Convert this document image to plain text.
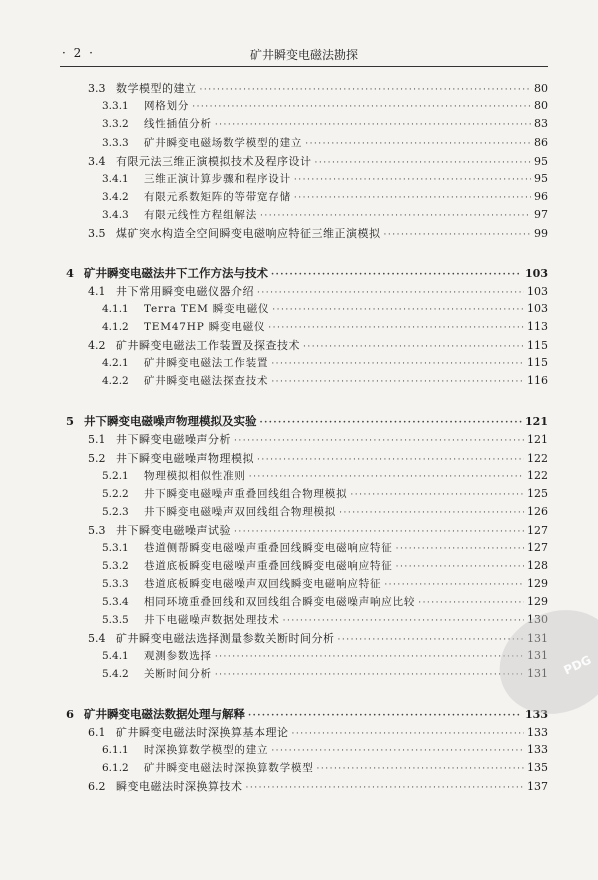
· 2 ·	矿井瞬变电磁法勘探
3.3 数学模型的建立 ·····	80
3.3.1	网格划分 ·····	80
3.3.2	线性插值分析 ·····	83
3.3.3	矿井瞬变电磁场数学模型的建立 ·····	86
3.4 有限元法三维正演模拟技术及程序设计 ·····	95
3.4.1	三维正演计算步骤和程序设计 ·····	95
3.4.2	有限元系数矩阵的等带宽存储 ·····	96
3.4.3	有限元线性方程组解法 ·····	97
3.5 煤矿突水构造全空间瞬变电磁响应特征三维正演模拟 ·····	99
4 矿井瞬变电磁法井下工作方法与技术 ·····	103
4.1 井下常用瞬变电磁仪器介绍 ·····	103
4.1.1	Terra TEM 瞬变电磁仪 ·····	103
4.1.2	TEM47HP 瞬变电磁仪 ·····	113
4.2 矿井瞬变电磁法工作装置及探查技术 ·····	115
4.2.1	矿井瞬变电磁法工作装置 ·····	115
4.2.2	矿井瞬变电磁法探查技术 ·····	116
5 井下瞬变电磁噪声物理模拟及实验 ·····	121
5.1 井下瞬变电磁噪声分析 ·····	121
5.2 井下瞬变电磁噪声物理模拟 ·····	122
5.2.1	物理模拟相似性准则 ·····	122
5.2.2	井下瞬变电磁噪声重叠回线组合物理模拟 ·····	125
5.2.3	井下瞬变电磁噪声双回线组合物理模拟 ·····	126
5.3 井下瞬变电磁噪声试验 ·····	127
5.3.1	巷道侧帮瞬变电磁噪声重叠回线瞬变电磁响应特征 ·····	127
5.3.2	巷道底板瞬变电磁噪声重叠回线瞬变电磁响应特征 ·····	128
5.3.3	巷道底板瞬变电磁噪声双回线瞬变电磁响应特征 ·····	129
5.3.4	相同环境重叠回线和双回线组合瞬变电磁噪声响应比较 ·····	129
5.3.5	井下电磁噪声数据处理技术 ·····	130
5.4 矿井瞬变电磁法选择测量参数关断时间分析 ·····	131
5.4.1	观测参数选择 ·····	131
5.4.2	关断时间分析 ·····	131
6 矿井瞬变电磁法数据处理与解释 ·····	133
6.1 矿井瞬变电磁法时深换算基本理论 ·····	133
6.1.1	时深换算数学模型的建立 ·····	133
6.1.2	矿井瞬变电磁法时深换算数学模型 ·····	135
6.2 瞬变电磁法时深换算技术 ·····	137
PDG
